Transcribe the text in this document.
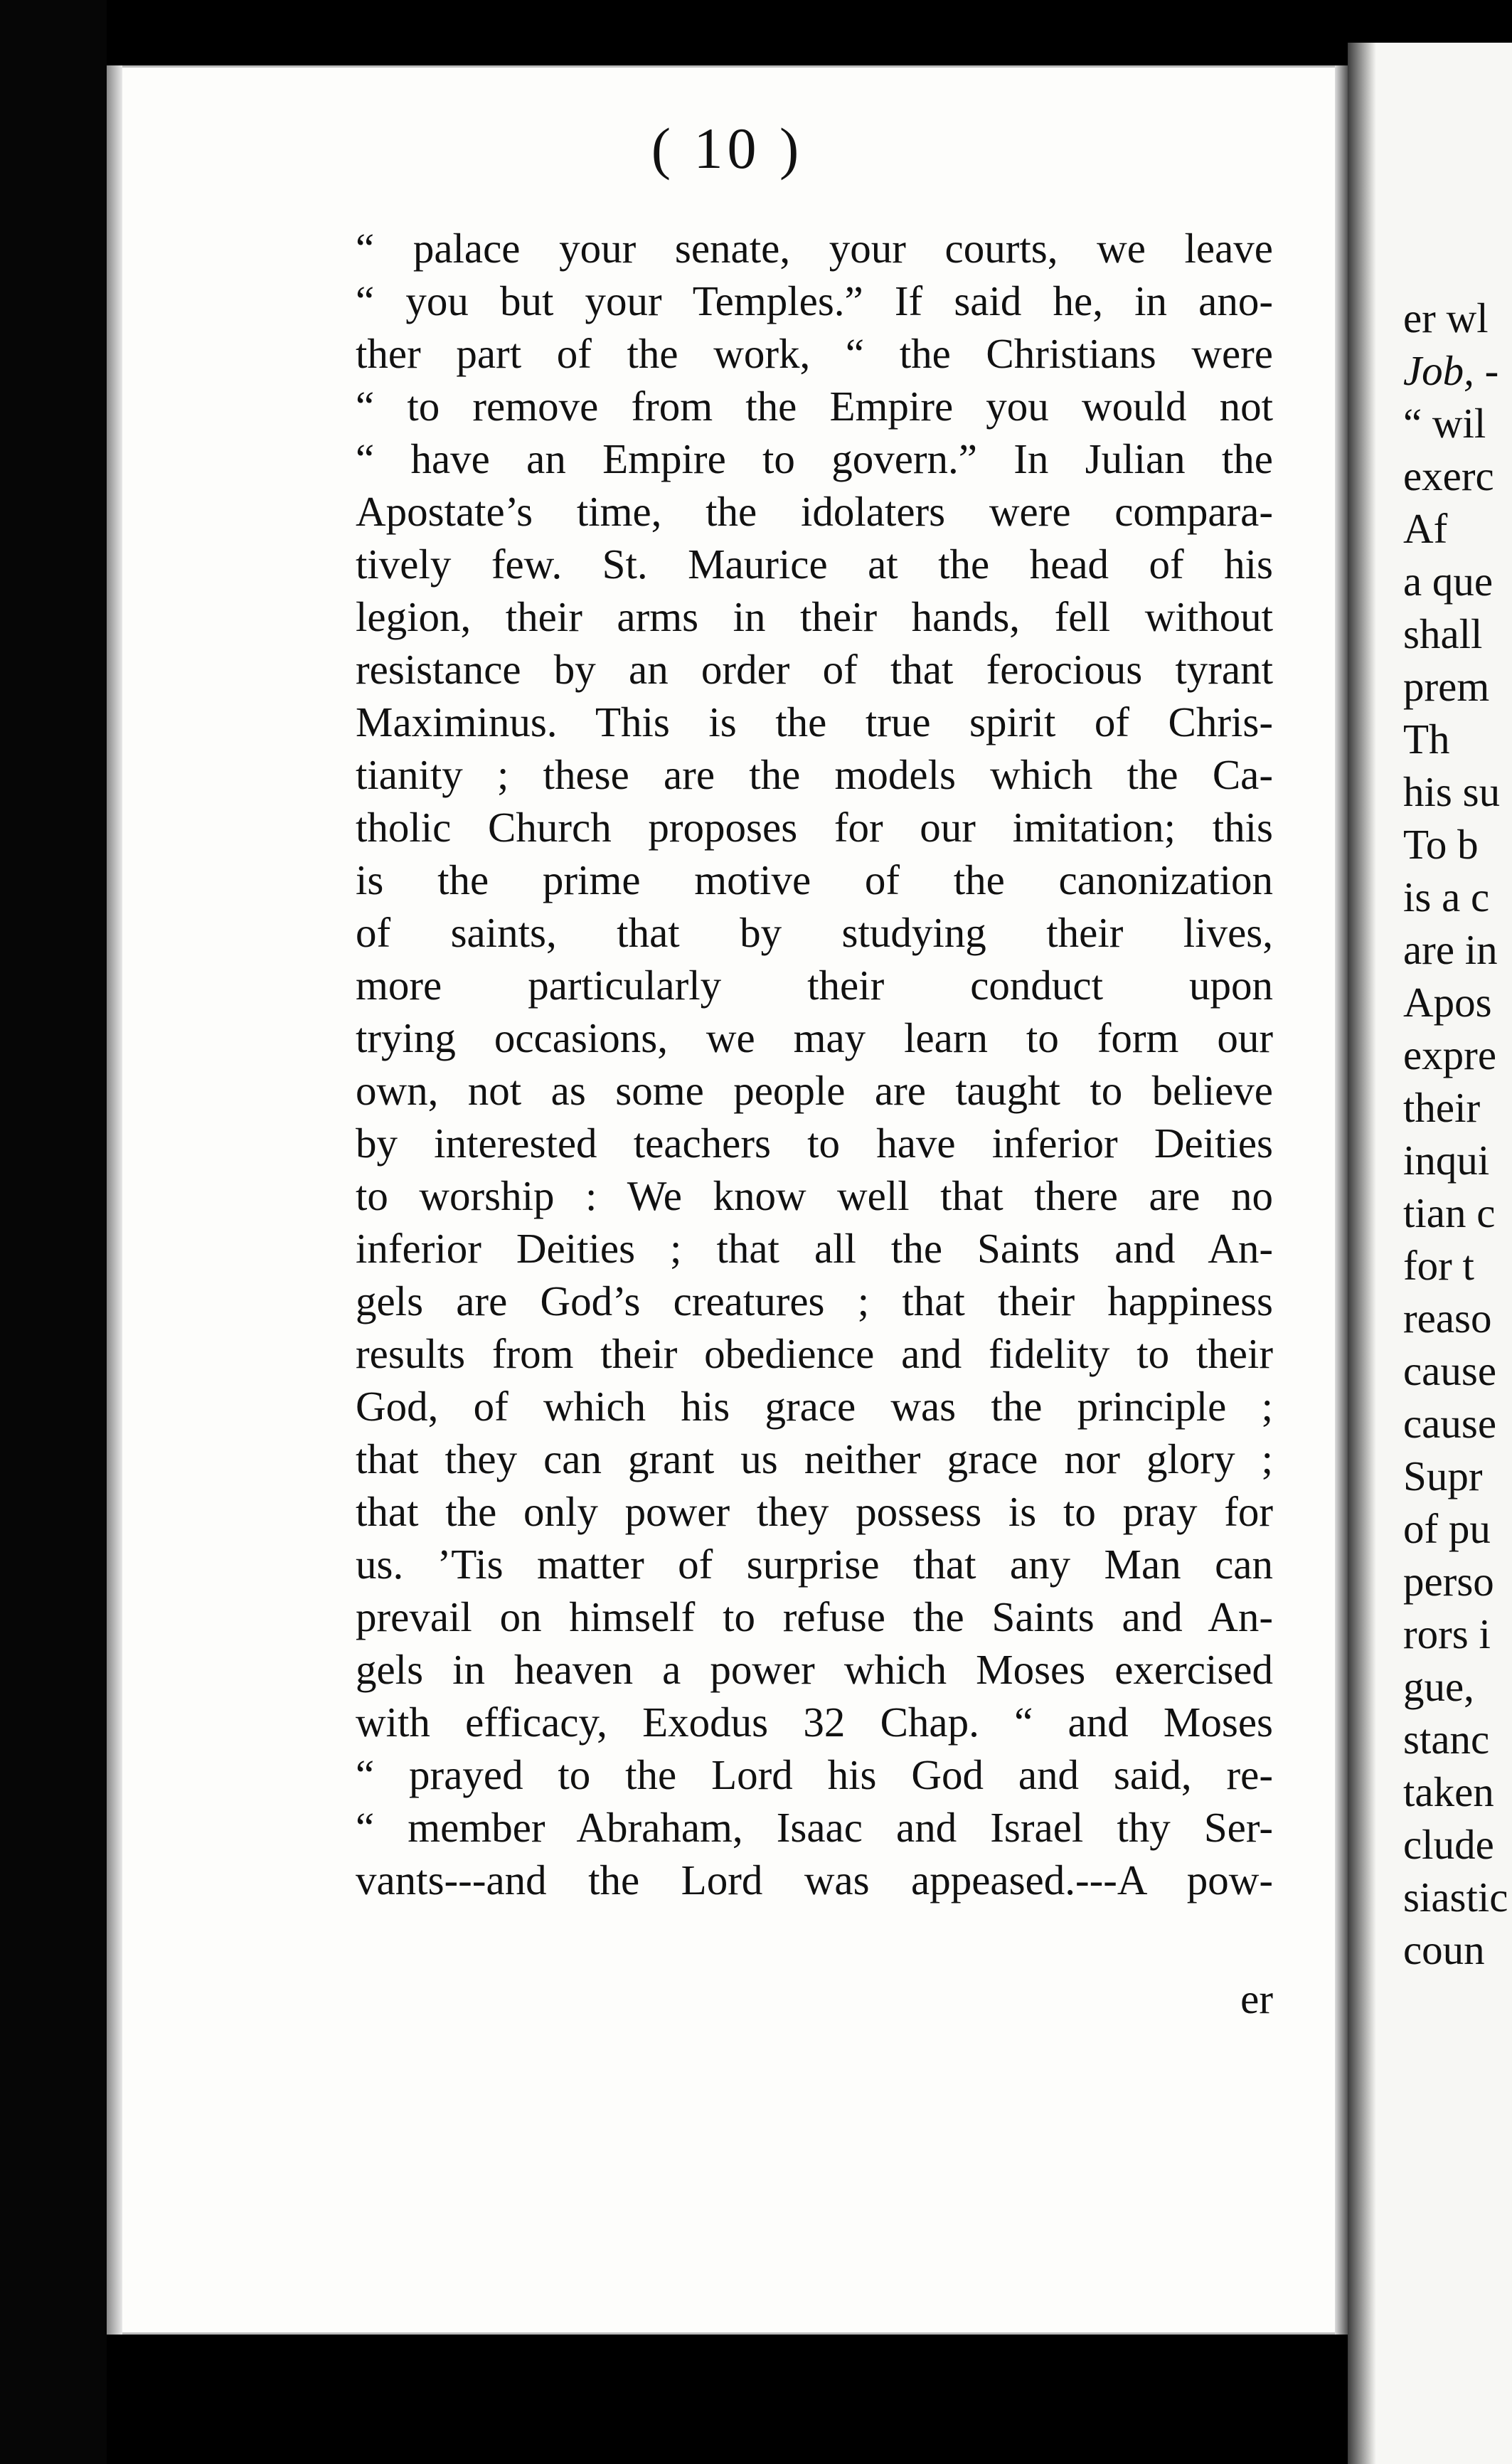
( 10 )
“ palace your senate, your courts, we leave
“ you but your Temples.” If said he, in ano-
ther part of the work, “ the Christians were
“ to remove from the Empire you would not
“ have an Empire to govern.” In Julian the
Apostate’s time, the idolaters were compara-
tively few. St. Maurice at the head of his
legion, their arms in their hands, fell without
resistance by an order of that ferocious tyrant
Maximinus. This is the true spirit of Chris-
tianity ; these are the models which the Ca-
tholic Church proposes for our imitation; this
is the prime motive of the canonization
of saints, that by studying their lives,
more particularly their conduct upon
trying occasions, we may learn to form our
own, not as some people are taught to believe
by interested teachers to have inferior Deities
to worship : We know well that there are no
inferior Deities ; that all the Saints and An-
gels are God’s creatures ; that their happiness
results from their obedience and fidelity to their
God, of which his grace was the principle ;
that they can grant us neither grace nor glory ;
that the only power they possess is to pray for
us. ’Tis matter of surprise that any Man can
prevail on himself to refuse the Saints and An-
gels in heaven a power which Moses exercised
with efficacy, Exodus 32 Chap. “ and Moses
“ prayed to the Lord his God and said, re-
“ member Abraham, Isaac and Israel thy Ser-
vants---and the Lord was appeased.---A pow-
er
er wl
Job, -
“ wil
exerc
Af
a que
shall
prem
Th
his su
To b
is a c
are in
Apos
expre
their
inqui
tian c
for t
reaso
cause
cause
Supr
of pu
perso
rors i
gue,
stanc
taken
clude
siastic
coun
